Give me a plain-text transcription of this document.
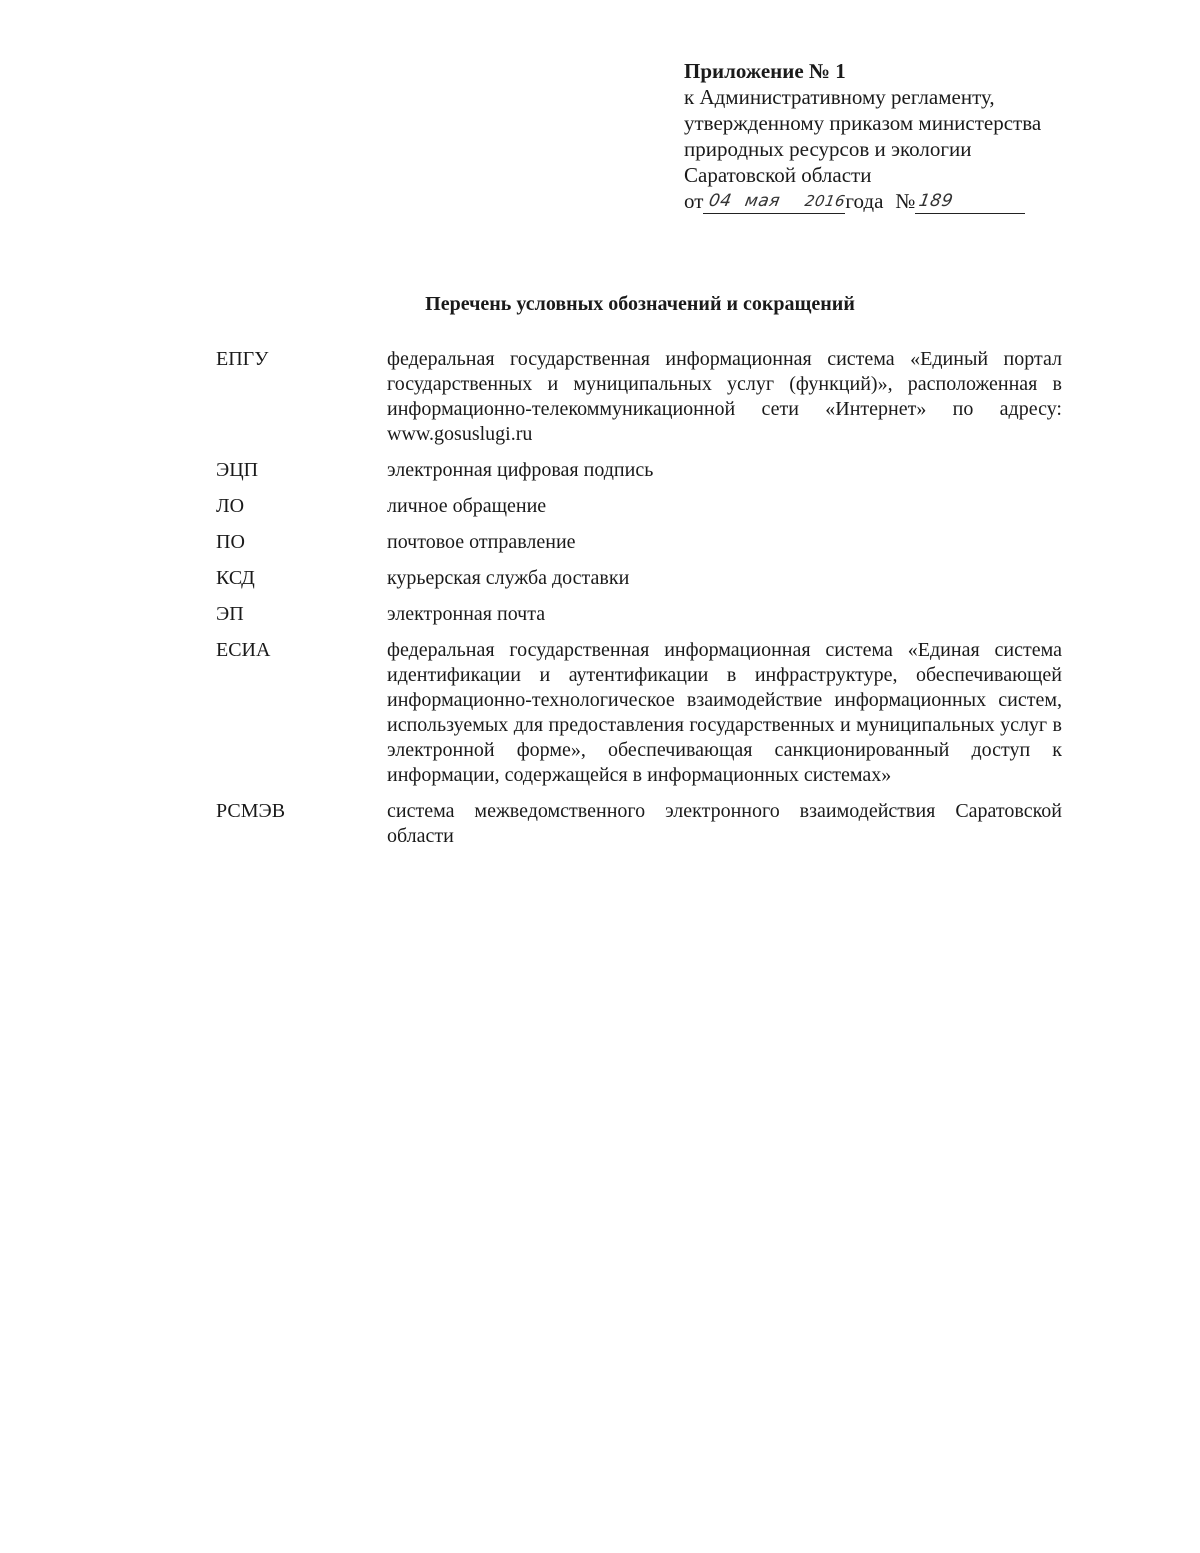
Приложение № 1
к Административному регламенту,
утвержденному приказом министерства
природных ресурсов и экологии
Саратовской области
от 04 мая 2016
года № 189
Перечень условных обозначений и сокращений
ЕПГУ	федеральная государственная информационная система «Единый портал государственных и муниципальных услуг (функций)», расположенная в информационно-телекоммуникационной сети «Интернет» по адресу: www.gosuslugi.ru
ЭЦП	электронная цифровая подпись
ЛО	личное обращение
ПО	почтовое отправление
КСД	курьерская служба доставки
ЭП	электронная почта
ЕСИА	федеральная государственная информационная система «Единая система идентификации и аутентификации в инфраструктуре, обеспечивающей информационно-технологическое взаимодействие информационных систем, используемых для предоставления государственных и муниципальных услуг в электронной форме», обеспечивающая санкционированный доступ к информации, содержащейся в информационных системах»
РСМЭВ	система межведомственного электронного взаимодействия Саратовской области
